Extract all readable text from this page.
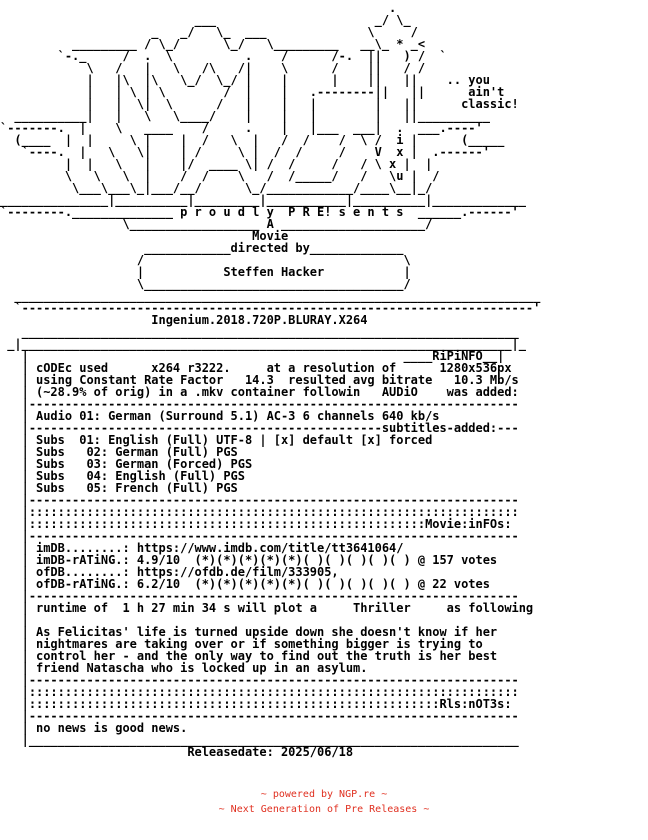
.
___                      _/ \_
_   _/   \_  ___              \     /
_________ / \_/      \_/   \_________   __\_ * _<
`-._     /  .  \          .    /      /-.  ||   ) /  `
\   /   |   \   /\   /|    \      /    ||   / /
|   |\  |\   \_/  \_/ |    |      |    ||   ||    .. you
|   | \ | \        /  |    |   .--------||   ||      ain't
|   |  \|  \      /   |    |   |        |   ||      classic!
__________|   |   \   \____/    |    |   |        |   ||__________
`-------.  |    \   ____    /     .    |   |___  ___|  .  ___.----'
(____  |  |     \ |    |  /   \  |   /  /    /  \ /  i |      (_____
`----.  |   \   \|    | /     \ |  /  /     /    V  x |  .------'
|  |   \   |    |/  ____ \| /  /     /   / \ x |  |
\   \   \  |    /  /    \   /  /_____/   /   \u |  /
\___\___\_|___/__/      \_/____________/____\__|_/
_______________|__________|_________|___________|__________|_____________
`--------.______________ p r o u d l y  P R E! s e n t s  ______.------'
\__________________ A ____________________/
Movie
____________directed by_____________
/                                    \
|           Steffen Hacker           |
\____________________________________/
_________________________________________________________________________
`-----------------------------------------------------------------------'
Ingenium.2018.720P.BLURAY.X264
_____________________________________________________________________
_|____________________________________________________________________|_
|                                                    ____RiPiNFO__|
| cODEc used      x264 r3222.     at a resolution of      1280x536px
| using Constant Rate Factor   14.3  resulted avg bitrate   10.3 Mb/s
| (~28.9% of orig) in a .mkv container followin   AUDiO    was added:
|--------------------------------------------------------------------
| Audio 01: German (Surround 5.1) AC-3 6 channels 640 kb/s
|-------------------------------------------------subtitles-added:---
| Subs  01: English (Full) UTF-8 | [x] default [x] forced
| Subs   02: German (Full) PGS
| Subs   03: German (Forced) PGS
| Subs   04: English (Full) PGS
| Subs   05: French (Full) PGS
|--------------------------------------------------------------------
|::::::::::::::::::::::::::::::::::::::::::::::::::::::::::::::::::::
|:::::::::::::::::::::::::::::::::::::::::::::::::::::::Movie:inFOs:
|--------------------------------------------------------------------
| imDB........: https://www.imdb.com/title/tt3641064/
| imDB-rATiNG.: 4.9/10  (*)(*)(*)(*)(*)( )( )( )( )( ) @ 157 votes
| ofDB........: https://ofdb.de/film/333905,
| ofDB-rATiNG.: 6.2/10  (*)(*)(*)(*)(*)( )( )( )( )( ) @ 22 votes
|--------------------------------------------------------------------
| runtime of  1 h 27 min 34 s will plot a     Thriller     as following
|
| As Felicitas' life is turned upside down she doesn't know if her
| nightmares are taking over or if something bigger is trying to
| control her - and the only way to find out the truth is her best
| friend Natascha who is locked up in an asylum.
|--------------------------------------------------------------------
|::::::::::::::::::::::::::::::::::::::::::::::::::::::::::::::::::::
|:::::::::::::::::::::::::::::::::::::::::::::::::::::::::Rls:nOT3s:
|--------------------------------------------------------------------
| no news is good news.
|____________________________________________________________________
Releasedate: 2025/06/18
~ powered by NGP.re ~
~ Next Generation of Pre Releases ~
